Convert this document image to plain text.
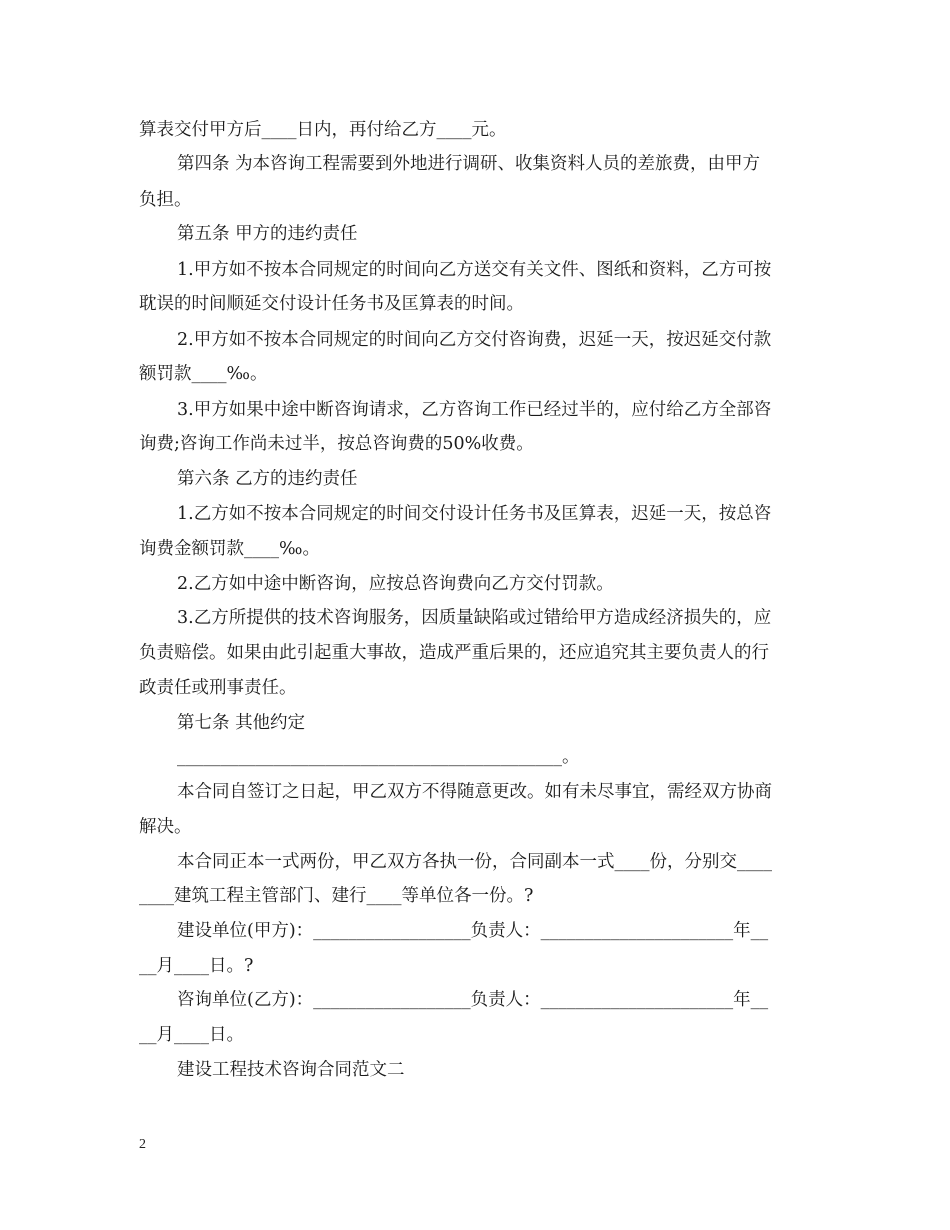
算表交付甲方后____日内，再付给乙方____元。
第四条 为本咨询工程需要到外地进行调研、收集资料人员的差旅费，由甲方
负担。
第五条 甲方的违约责任
1.甲方如不按本合同规定的时间向乙方送交有关文件、图纸和资料，乙方可按
耽误的时间顺延交付设计任务书及匡算表的时间。
2.甲方如不按本合同规定的时间向乙方交付咨询费，迟延一天，按迟延交付款
额罚款____‰。
3.甲方如果中途中断咨询请求，乙方咨询工作已经过半的，应付给乙方全部咨
询费;咨询工作尚未过半，按总咨询费的50%收费。
第六条 乙方的违约责任
1.乙方如不按本合同规定的时间交付设计任务书及匡算表，迟延一天，按总咨
询费金额罚款____‰。
2.乙方如中途中断咨询，应按总咨询费向乙方交付罚款。
3.乙方所提供的技术咨询服务，因质量缺陷或过错给甲方造成经济损失的，应
负责赔偿。如果由此引起重大事故，造成严重后果的，还应追究其主要负责人的行
政责任或刑事责任。
第七条 其他约定
____________________________________________。
本合同自签订之日起，甲乙双方不得随意更改。如有未尽事宜，需经双方协商
解决。
本合同正本一式两份，甲乙双方各执一份，合同副本一式____份，分别交____
____建筑工程主管部门、建行____等单位各一份。?
建设单位(甲方)：__________________负责人：______________________年__
__月____日。?
咨询单位(乙方)：__________________负责人：______________________年__
__月____日。
建设工程技术咨询合同范文二
2
